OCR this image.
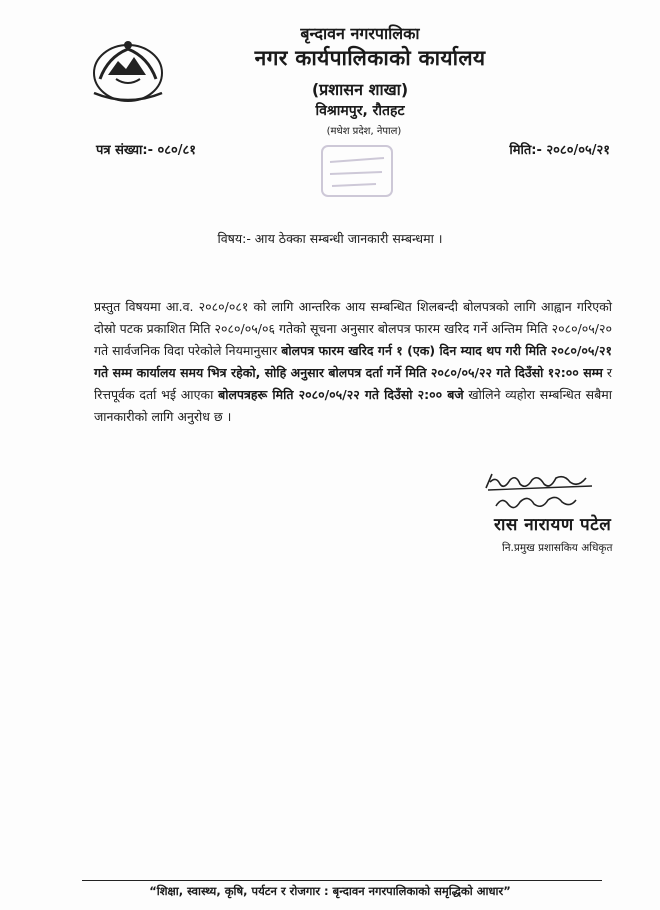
बृन्दावन नगरपालिका

नगर कार्यपालिकाको कार्यालय

(प्रशासन शाखा)

विश्रामपुर, रौतहट

(मधेश प्रदेश, नेपाल)

पत्र संख्या:- ०८०/८१	मिति:- २०८०/०५/२१
विषय:- आय ठेक्का सम्बन्धी जानकारी सम्बन्धमा ।
प्रस्तुत विषयमा आ.व. २०८०/०८१ को लागि आन्तरिक आय सम्बन्धित शिलबन्दी बोलपत्रको लागि आह्वान गरिएको दोस्रो पटक प्रकाशित मिति २०८०/०५/०६ गतेको सूचना अनुसार बोलपत्र फारम खरिद गर्ने अन्तिम मिति २०८०/०५/२० गते सार्वजनिक विदा परेकोले नियमानुसार बोलपत्र फारम खरिद गर्न १ (एक) दिन म्याद थप गरी मिति २०८०/०५/२१ गते सम्म कार्यालय समय भित्र रहेको, सोहि अनुसार बोलपत्र दर्ता गर्ने मिति २०८०/०५/२२ गते दिउँसो १२:०० सम्म र रित्तपूर्वक दर्ता भई आएका बोलपत्रहरू मिति २०८०/०५/२२ गते दिउँसो २:०० बजे खोलिने व्यहोरा सम्बन्धित सबैमा जानकारीको लागि अनुरोध छ ।
रास नारायण पटेल
नि.प्रमुख प्रशासकिय अधिकृत
“शिक्षा, स्वास्थ्य, कृषि, पर्यटन र रोजगार : बृन्दावन नगरपालिकाको समृद्धिको आधार”
